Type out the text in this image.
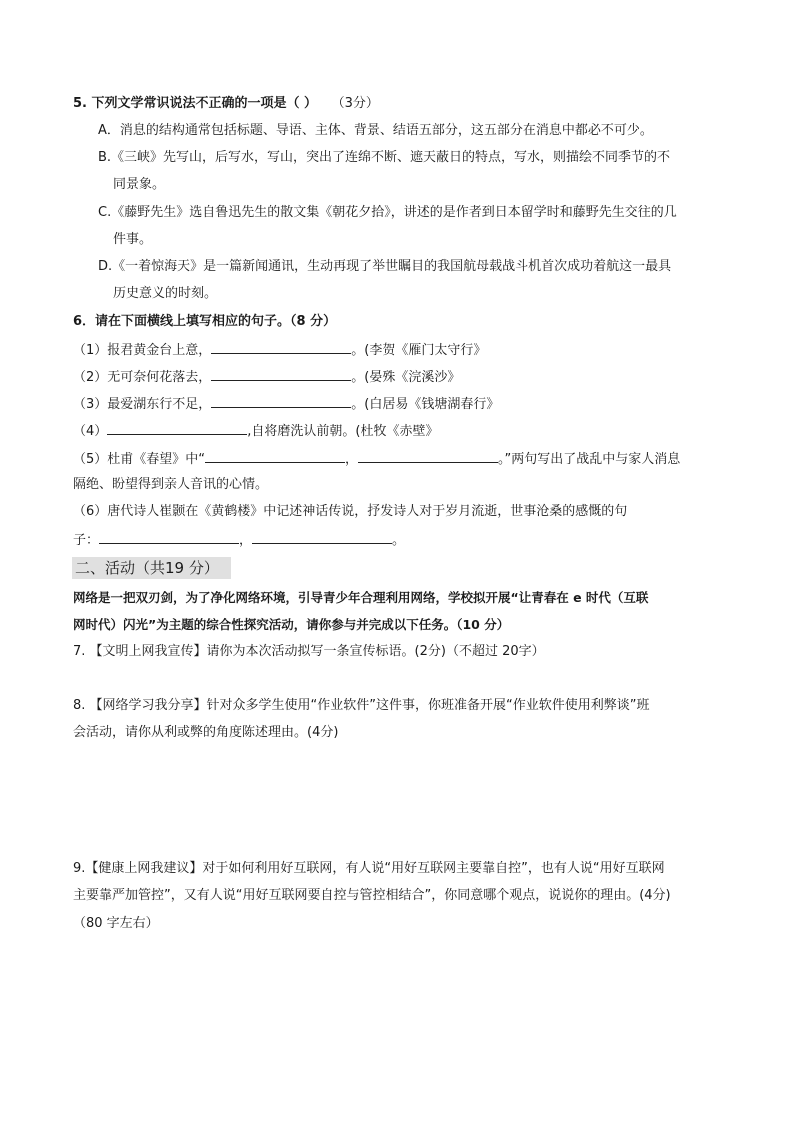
5. 下列文学常识说法不正确的一项是（ ） （3分）
A．消息的结构通常包括标题、导语、主体、背景、结语五部分，这五部分在消息中都必不可少。
B.《三峡》先写山，后写水，写山，突出了连绵不断、遮天蔽日的特点，写水，则描绘不同季节的不
同景象。
C.《藤野先生》选自鲁迅先生的散文集《朝花夕拾》，讲述的是作者到日本留学时和藤野先生交往的几
件事。
D.《一着惊海天》是一篇新闻通讯，生动再现了举世瞩目的我国航母载战斗机首次成功着航这一最具
历史意义的时刻。
6．请在下面横线上填写相应的句子。（8 分）
（1）报君黄金台上意，	。(李贺《雁门太守行》
（2）无可奈何花落去，	。(晏殊《浣溪沙》
（3）最爱湖东行不足，	。(白居易《钱塘湖春行》
（4）	,自将磨洗认前朝。(杜牧《赤壁》
（5）杜甫《春望》中“	，	。”两句写出了战乱中与家人消息
隔绝、盼望得到亲人音讯的心情。
（6）唐代诗人崔颢在《黄鹤楼》中记述神话传说，抒发诗人对于岁月流逝，世事沧桑的感慨的句
子：	，	。
二、活动（共19 分）
网络是一把双刃剑，为了净化网络环境，引导青少年合理利用网络，学校拟开展“让青春在 e 时代（互联
网时代）闪光”为主题的综合性探究活动，请你参与并完成以下任务。（10 分）
7. 【文明上网我宣传】请你为本次活动拟写一条宣传标语。(2分)（不超过 20字）
8. 【网络学习我分享】针对众多学生使用“作业软件”这件事，你班准备开展“作业软件使用利弊谈”班
会活动，请你从利或弊的角度陈述理由。(4分)
9.【健康上网我建议】对于如何利用好互联网，有人说“用好互联网主要靠自控”，也有人说“用好互联网
主要靠严加管控”，又有人说“用好互联网要自控与管控相结合”，你同意哪个观点，说说你的理由。(4分)
（80 字左右）
